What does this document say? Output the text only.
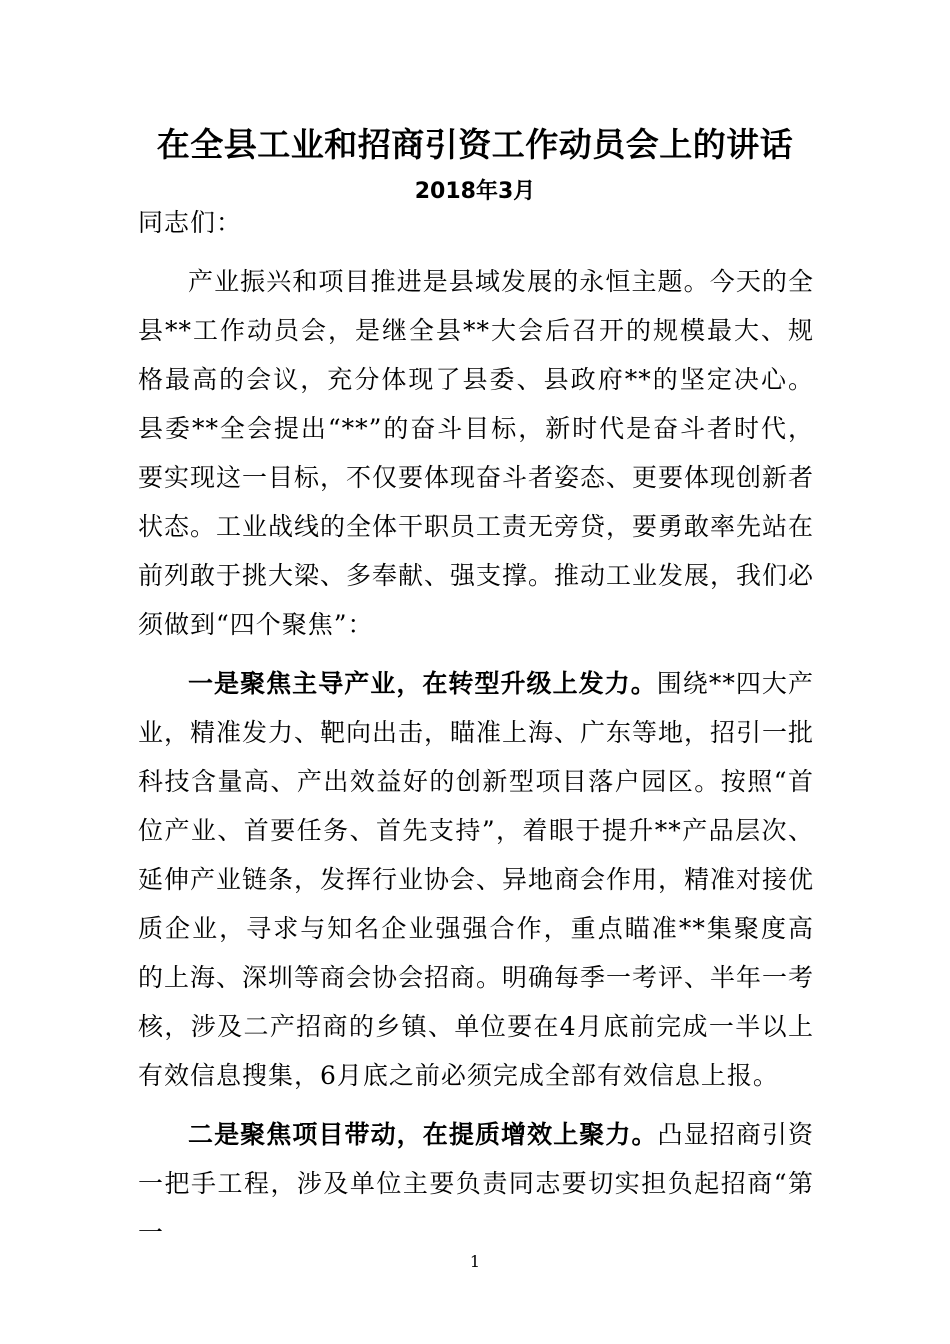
在全县工业和招商引资工作动员会上的讲话
2018年3月

同志们：

产业振兴和项目推进是县域发展的永恒主题。今天的全县**工作动员会，是继全县**大会后召开的规模最大、规格最高的会议，充分体现了县委、县政府**的坚定决心。县委**全会提出“**”的奋斗目标，新时代是奋斗者时代，要实现这一目标，不仅要体现奋斗者姿态、更要体现创新者状态。工业战线的全体干职员工责无旁贷，要勇敢率先站在前列敢于挑大梁、多奉献、强支撑。推动工业发展，我们必须做到“四个聚焦”：

一是聚焦主导产业，在转型升级上发力。围绕**四大产业，精准发力、靶向出击，瞄准上海、广东等地，招引一批科技含量高、产出效益好的创新型项目落户园区。按照“首位产业、首要任务、首先支持”，着眼于提升**产品层次、延伸产业链条，发挥行业协会、异地商会作用，精准对接优质企业，寻求与知名企业强强合作，重点瞄准**集聚度高的上海、深圳等商会协会招商。明确每季一考评、半年一考核，涉及二产招商的乡镇、单位要在4月底前完成一半以上有效信息搜集，6月底之前必须完成全部有效信息上报。

二是聚焦项目带动，在提质增效上聚力。凸显招商引资一把手工程，涉及单位主要负责同志要切实担负起招商“第一

1
